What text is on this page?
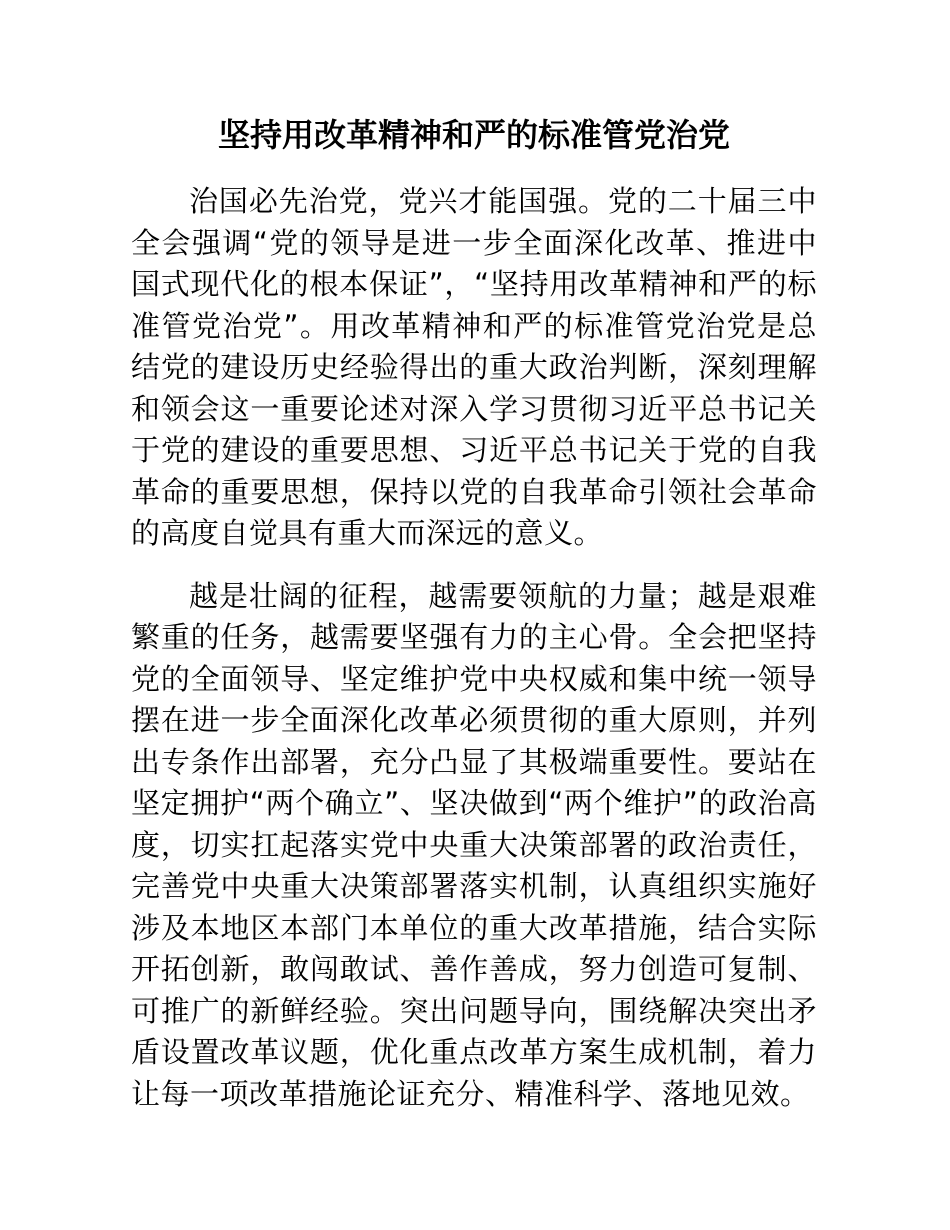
坚持用改革精神和严的标准管党治党

治国必先治党，党兴才能国强。党的二十届三中全会强调“党的领导是进一步全面深化改革、推进中国式现代化的根本保证”，“坚持用改革精神和严的标准管党治党”。用改革精神和严的标准管党治党是总结党的建设历史经验得出的重大政治判断，深刻理解和领会这一重要论述对深入学习贯彻习近平总书记关于党的建设的重要思想、习近平总书记关于党的自我革命的重要思想，保持以党的自我革命引领社会革命的高度自觉具有重大而深远的意义。

越是壮阔的征程，越需要领航的力量；越是艰难繁重的任务，越需要坚强有力的主心骨。全会把坚持党的全面领导、坚定维护党中央权威和集中统一领导摆在进一步全面深化改革必须贯彻的重大原则，并列出专条作出部署，充分凸显了其极端重要性。要站在坚定拥护“两个确立”、坚决做到“两个维护”的政治高度，切实扛起落实党中央重大决策部署的政治责任，完善党中央重大决策部署落实机制，认真组织实施好涉及本地区本部门本单位的重大改革措施，结合实际开拓创新，敢闯敢试、善作善成，努力创造可复制、可推广的新鲜经验。突出问题导向，围绕解决突出矛盾设置改革议题，优化重点改革方案生成机制，着力让每一项改革措施论证充分、精准科学、落地见效。
